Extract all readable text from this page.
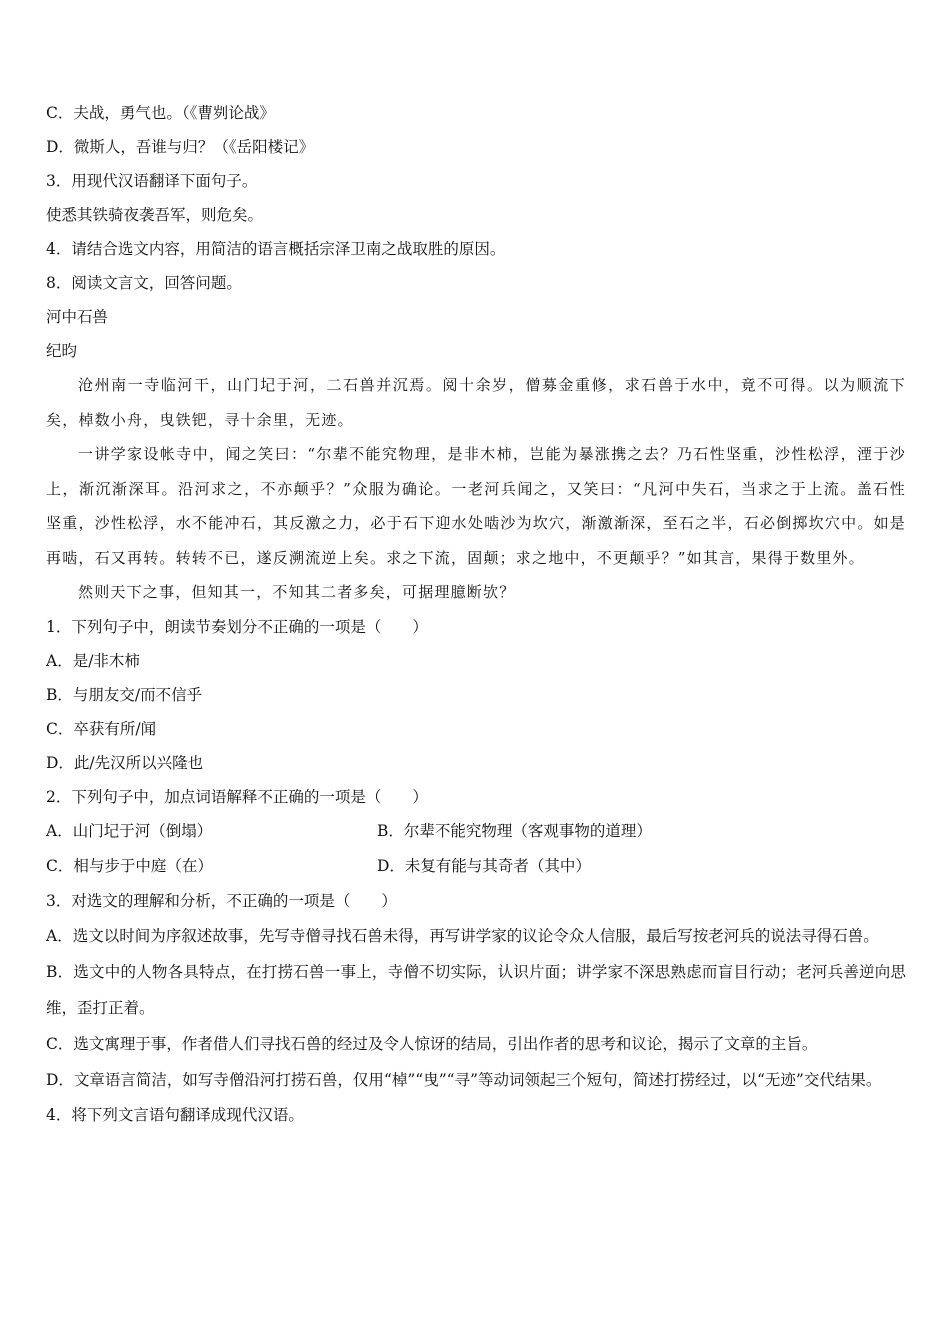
C．夫战，勇气也。（《曹刿论战》
D．微斯人，吾谁与归？（《岳阳楼记》
3．用现代汉语翻译下面句子。
使悉其铁骑夜袭吾军，则危矣。
4．请结合选文内容，用简洁的语言概括宗泽卫南之战取胜的原因。
8．阅读文言文，回答问题。
河中石兽
纪昀
沧州南一寺临河干，山门圮于河，二石兽并沉焉。阅十余岁，僧募金重修，求石兽于水中，竟不可得。以为顺流下矣，棹数小舟，曳铁钯，寻十余里，无迹。
一讲学家设帐寺中，闻之笑曰：“尔辈不能究物理，是非木柿，岂能为暴涨携之去？乃石性坚重，沙性松浮，湮于沙上，渐沉渐深耳。沿河求之，不亦颠乎？”众服为确论。一老河兵闻之，又笑曰：“凡河中失石，当求之于上流。盖石性坚重，沙性松浮，水不能冲石，其反激之力，必于石下迎水处啮沙为坎穴，渐激渐深，至石之半，石必倒掷坎穴中。如是再啮，石又再转。转转不已，遂反溯流逆上矣。求之下流，固颠；求之地中，不更颠乎？”如其言，果得于数里外。
然则天下之事，但知其一，不知其二者多矣，可据理臆断欤？
1．下列句子中，朗读节奏划分不正确的一项是（　　）
A．是/非木柿
B．与朋友交/而不信乎
C．卒获有所/闻
D．此/先汉所以兴隆也
2．下列句子中，加点词语解释不正确的一项是（　　）
A．山门圮于河（倒塌）	B．尔辈不能究物理（客观事物的道理）
C．相与步于中庭（在）	D．未复有能与其奇者（其中）
3．对选文的理解和分析，不正确的一项是（　　）
A．选文以时间为序叙述故事，先写寺僧寻找石兽未得，再写讲学家的议论令众人信服，最后写按老河兵的说法寻得石兽。
B．选文中的人物各具特点，在打捞石兽一事上，寺僧不切实际，认识片面；讲学家不深思熟虑而盲目行动；老河兵善逆向思维，歪打正着。
C．选文寓理于事，作者借人们寻找石兽的经过及令人惊讶的结局，引出作者的思考和议论，揭示了文章的主旨。
D．文章语言简洁，如写寺僧沿河打捞石兽，仅用“棹”“曳”“寻”等动词领起三个短句，简述打捞经过，以“无迹”交代结果。
4．将下列文言语句翻译成现代汉语。
